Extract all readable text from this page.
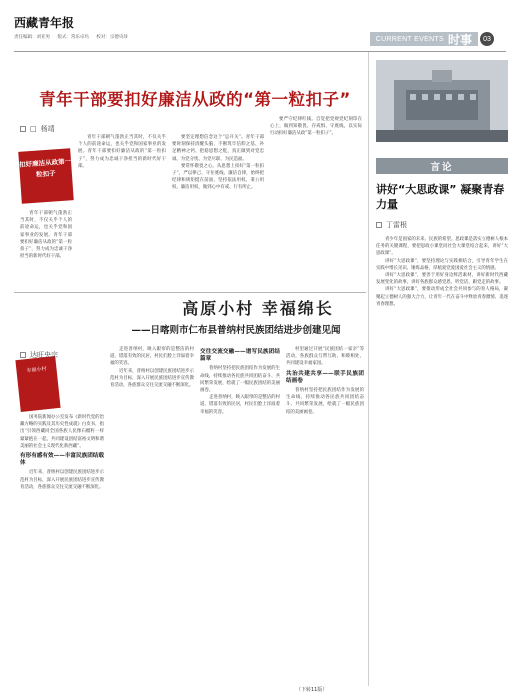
西藏青年报
责任编辑：刘亚男 版式：常乐卓玛 校对：宗德央珍	CURRENT EVENTS 时事	03
青年干部要扣好廉洁从政的“第一粒扣子”
扣好廉洁从政第一粒扣子
□ 杨靖

青年干部朝气蓬勃正当其时，不仅关乎个人的前途命运，也关乎党和国家事业的发展。青年干部要扣好廉洁从政的“第一粒扣子”，努力成为忠诚干净担当的新时代好干部。

要坚定理想信念这个“总开关”。青年干部要时刻保持清醒头脑，不断筑牢信仰之基、补足精神之钙、把稳思想之舵，真正做到对党忠诚、为党分忧、为党尽职、为民造福。

要常怀敬畏之心。从思想上扣好“第一粒扣子”，严以律己、守住底线、廉洁自律，始终把纪律和规矩挺在前面，坚持依法用权、秉公用权、廉洁用权，做到心中有戒、行有所止。

要严守纪律红线。自觉把党规党纪刻印在心上，做到知敬畏、存戒惧、守底线，以实际行动扣好廉洁从政“第一粒扣子”。

青年干部朝气蓬勃正当其时，不仅关乎个人的前途命运，也关乎党和国家事业的发展。青年干部要扣好廉洁从政的“第一粒扣子”，努力成为忠诚干净担当的新时代好干部。

高原小村 幸福绵长
——日喀则市仁布县普纳村民族团结进步创建见闻
幸福小村
达旺央宗

国务院新闻办公室发布《新时代党的治藏方略的实践及其历史性成就》白皮书，指出“引领西藏同全国各族人民像石榴籽一样紧紧抱在一起，共同建设团结富裕文明和谐美丽的社会主义现代化新西藏”。

有形有感有效——丰富民族团结载体

近年来，普纳村以创建民族团结进步示范村为目标，深入开展民族团结进步宣传教育活动，各族群众交往交流交融不断深化。

走进普纳村，映入眼帘的是整洁的村道、错落有致的民居，村民们脸上洋溢着幸福的笑容。

近年来，普纳村以创建民族团结进步示范村为目标，深入开展民族团结进步宣传教育活动，各族群众交往交流交融不断深化。

交往交流交融——谱写民族团结篇章

普纳村坚持把民族团结作为发展的生命线，持续推动各民族共同团结奋斗、共同繁荣发展，绘就了一幅民族团结的美丽画卷。

走进普纳村，映入眼帘的是整洁的村道、错落有致的民居，村民们脸上洋溢着幸福的笑容。

村里通过开展“民族团结一家亲”等活动，各族群众互帮互助、和睦相处，共同建设幸福家园。

共治共建共享——联手民族团结画卷

普纳村坚持把民族团结作为发展的生命线，持续推动各民族共同团结奋斗、共同繁荣发展，绘就了一幅民族团结的美丽画卷。

（下转11版）
言论
讲好“大思政课” 凝聚青春力量
丁雷根

青少年是国家的未来、民族的希望。思政课是落实立德树人根本任务的关键课程，要把思政小课堂同社会大课堂结合起来，讲好“大思政课”。

讲好“大思政课”，要坚持理论与实践相结合，引导青年学生在实践中增长见识、锤炼品格，厚植爱党爱国爱社会主义的情感。

讲好“大思政课”，要善于用好身边鲜活素材，讲好新时代西藏发展变化的故事，讲好各族群众感党恩、听党话、跟党走的故事。

讲好“大思政课”，要推动形成全社会共同参与的育人格局，凝聚起立德树人的强大合力，让青年一代在奋斗中释放青春激情、追逐青春理想。
